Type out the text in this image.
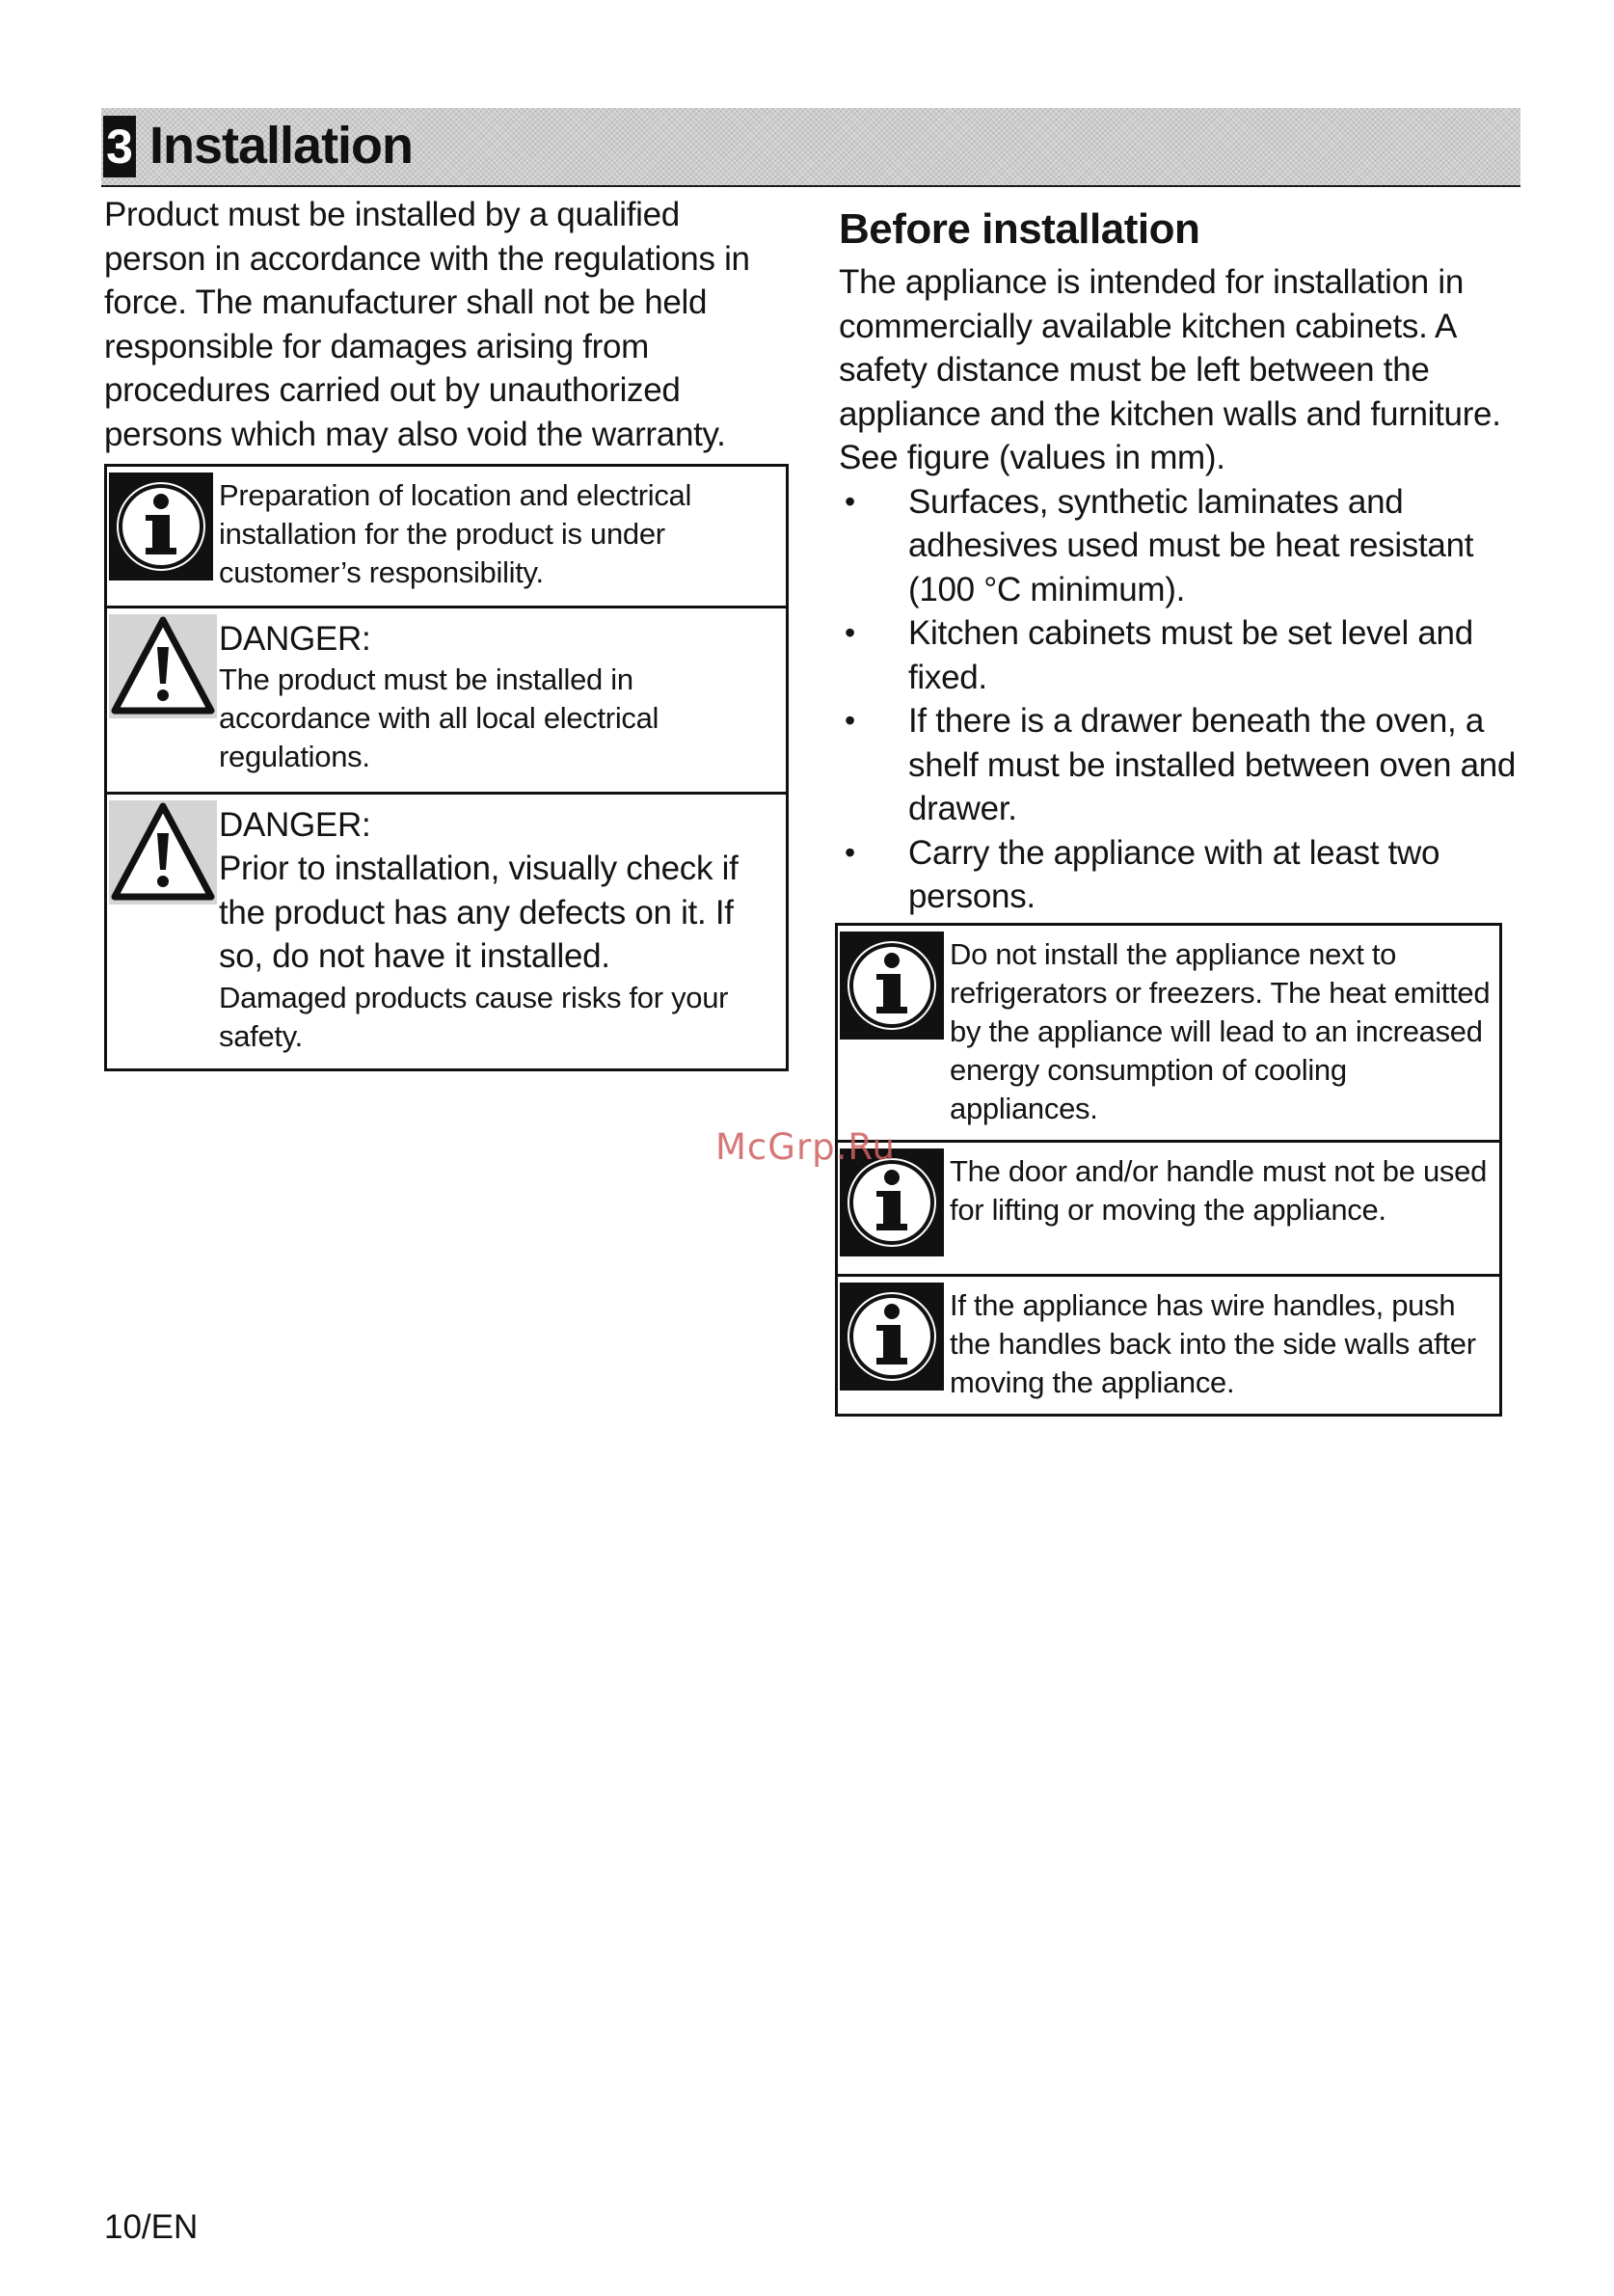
3 Installation

Product must be installed by a qualified person in accordance with the regulations in force. The manufacturer shall not be held responsible for damages arising from procedures carried out by unauthorized persons which may also void the warranty.

Preparation of location and electrical installation for the product is under customer’s responsibility.

DANGER:

The product must be installed in accordance with all local electrical regulations.

DANGER:

Prior to installation, visually check if the product has any defects on it. If so, do not have it installed.

Damaged products cause risks for your safety.

Before installation

The appliance is intended for installation in commercially available kitchen cabinets. A safety distance must be left between the appliance and the kitchen walls and furniture. See figure (values in mm).

• Surfaces, synthetic laminates and adhesives used must be heat resistant (100 °C minimum).
• Kitchen cabinets must be set level and fixed.
• If there is a drawer beneath the oven, a shelf must be installed between oven and drawer.
• Carry the appliance with at least two persons.

Do not install the appliance next to refrigerators or freezers. The heat emitted by the appliance will lead to an increased energy consumption of cooling appliances.

The door and/or handle must not be used for lifting or moving the appliance.

If the appliance has wire handles, push the handles back into the side walls after moving the appliance.

McGrp.Ru
10/EN
